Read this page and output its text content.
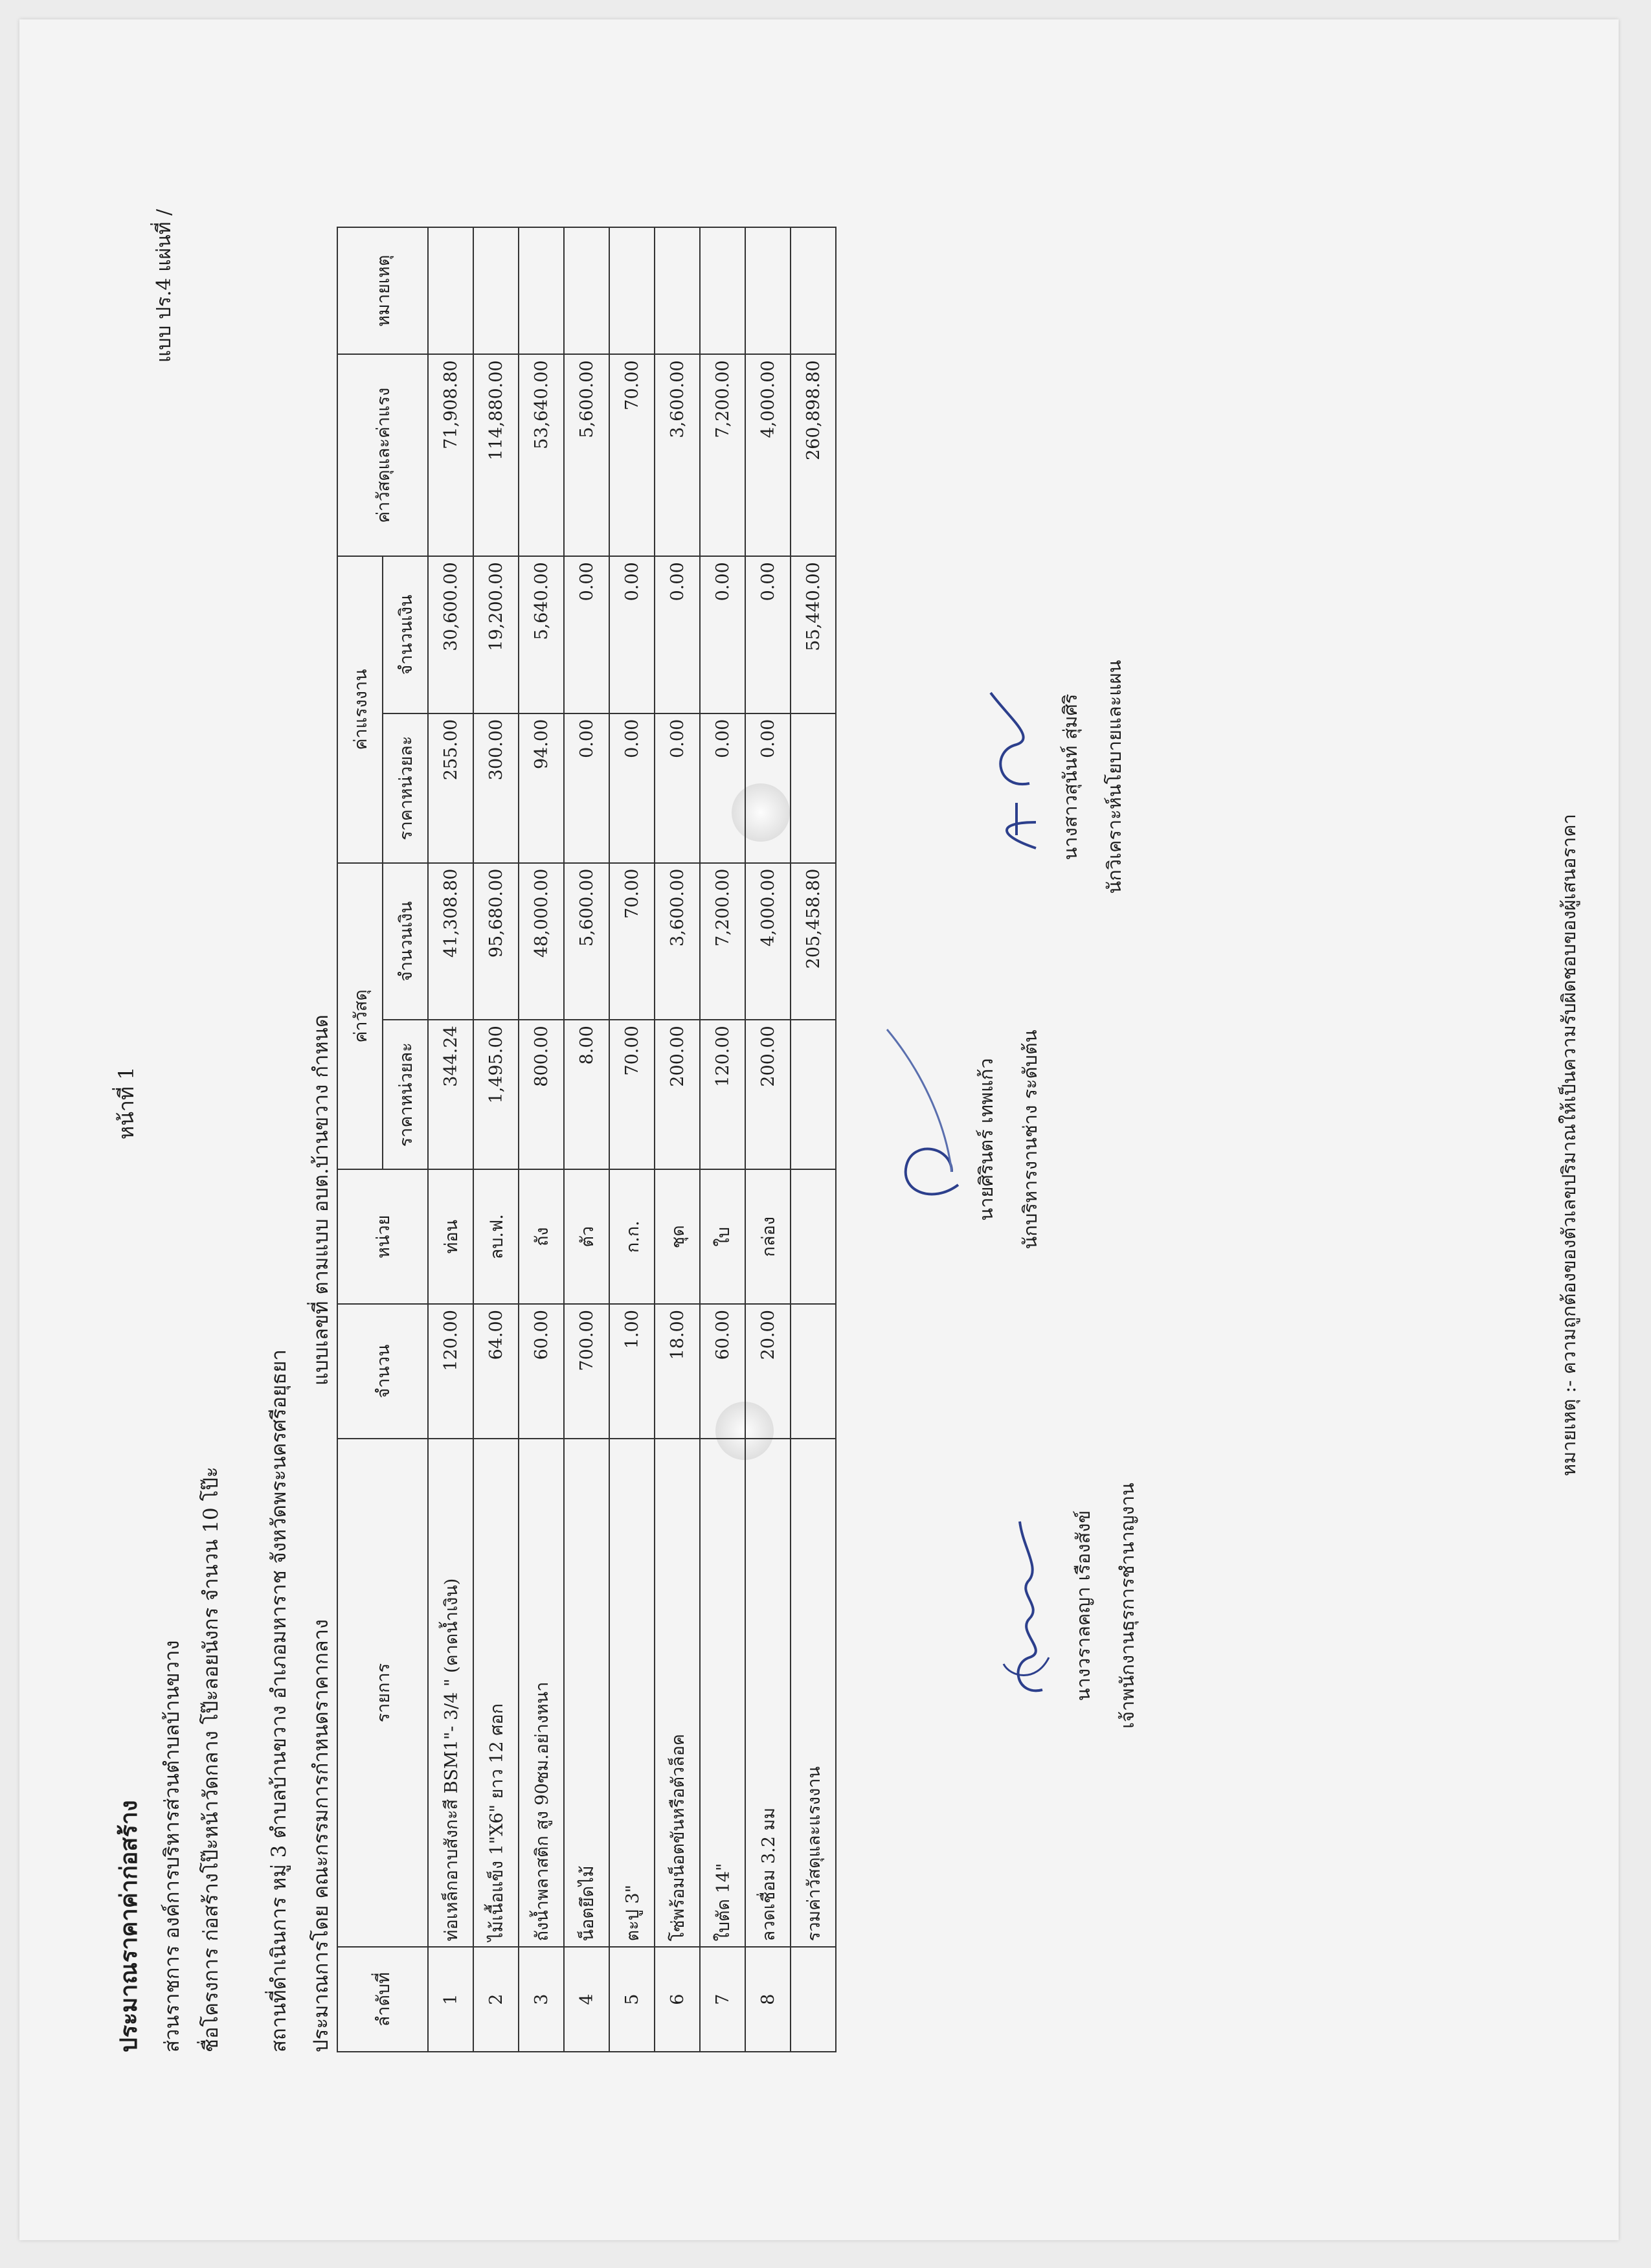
ประมาณราคาค่าก่อสร้าง
หน้าที่ 1
แบบ ปร.4 แผ่นที่ /
ส่วนราชการ องค์การบริหารส่วนตำบลบ้านขวาง ชื่อโครงการ ก่อสร้างโป๊ะหน้าวัดกลาง โป๊ะลอยนังกร จำนวน 10 โป๊ะ สถานที่ดำเนินการ หมู่ 3 ตำบลบ้านขวาง อำเภอมหาราช จังหวัดพระนครศรีอยุธยา ประมาณการโดย คณะกรรมการกำหนดราคากลาง
แบบเลขที่ ตามแบบ อบต.บ้านขวาง กำหนด
ลำดับที่	รายการ	จำนวน	หน่วย	ค่าวัสดุ		ค่าแรงงาน		ค่าวัสดุและค่าแรง	หมายเหตุ
				ราคาหน่วยละ	จำนวนเงิน	ราคาหน่วยละ	จำนวนเงิน		
1	ท่อเหล็กอาบสังกะสี BSM1"- 3/4 " (คาดน้ำเงิน)	120.00	ท่อน	344.24	41,308.80	255.00	30,600.00	71,908.80	
2	ไม้เนื้อแข็ง 1"X6" ยาว 12 ศอก	64.00	ลบ.ฟ.	1,495.00	95,680.00	300.00	19,200.00	114,880.00	
3	ถังน้ำพลาสติก สูง 90ซม.อย่างหนา	60.00	ถัง	800.00	48,000.00	94.00	5,640.00	53,640.00	
4	น็อตยึดไม้	700.00	ตัว	8.00	5,600.00	0.00	0.00	5,600.00	
5	ตะปู 3"	1.00	ก.ก.	70.00	70.00	0.00	0.00	70.00	
6	โซ่พร้อมน็อตขันหรือตัวล็อค	18.00	ชุด	200.00	3,600.00	0.00	0.00	3,600.00	
7	ใบตัด 14"	60.00	ใบ	120.00	7,200.00	0.00	0.00	7,200.00	
8	ลวดเชื่อม 3.2 มม	20.00	กล่อง	200.00	4,000.00	0.00	0.00	4,000.00	
	รวมค่าวัสดุและแรงงาน				205,458.80		55,440.00	260,898.80	
นางวราลคญา เรืองสังข์ เจ้าพนักงานธุรการชำนาญงาน
นายศิรินตร์ เทพแก้ว นักบริหารงานช่าง ระดับต้น
นางสาวสุนันท์ สุ่มศิริ นักวิเคราะห์นโยบายและแผน
หมายเหตุ :- ความถูกต้องของตัวเลขปริมาณให้เป็นความรับผิดชอบของผู้เสนอราคา
